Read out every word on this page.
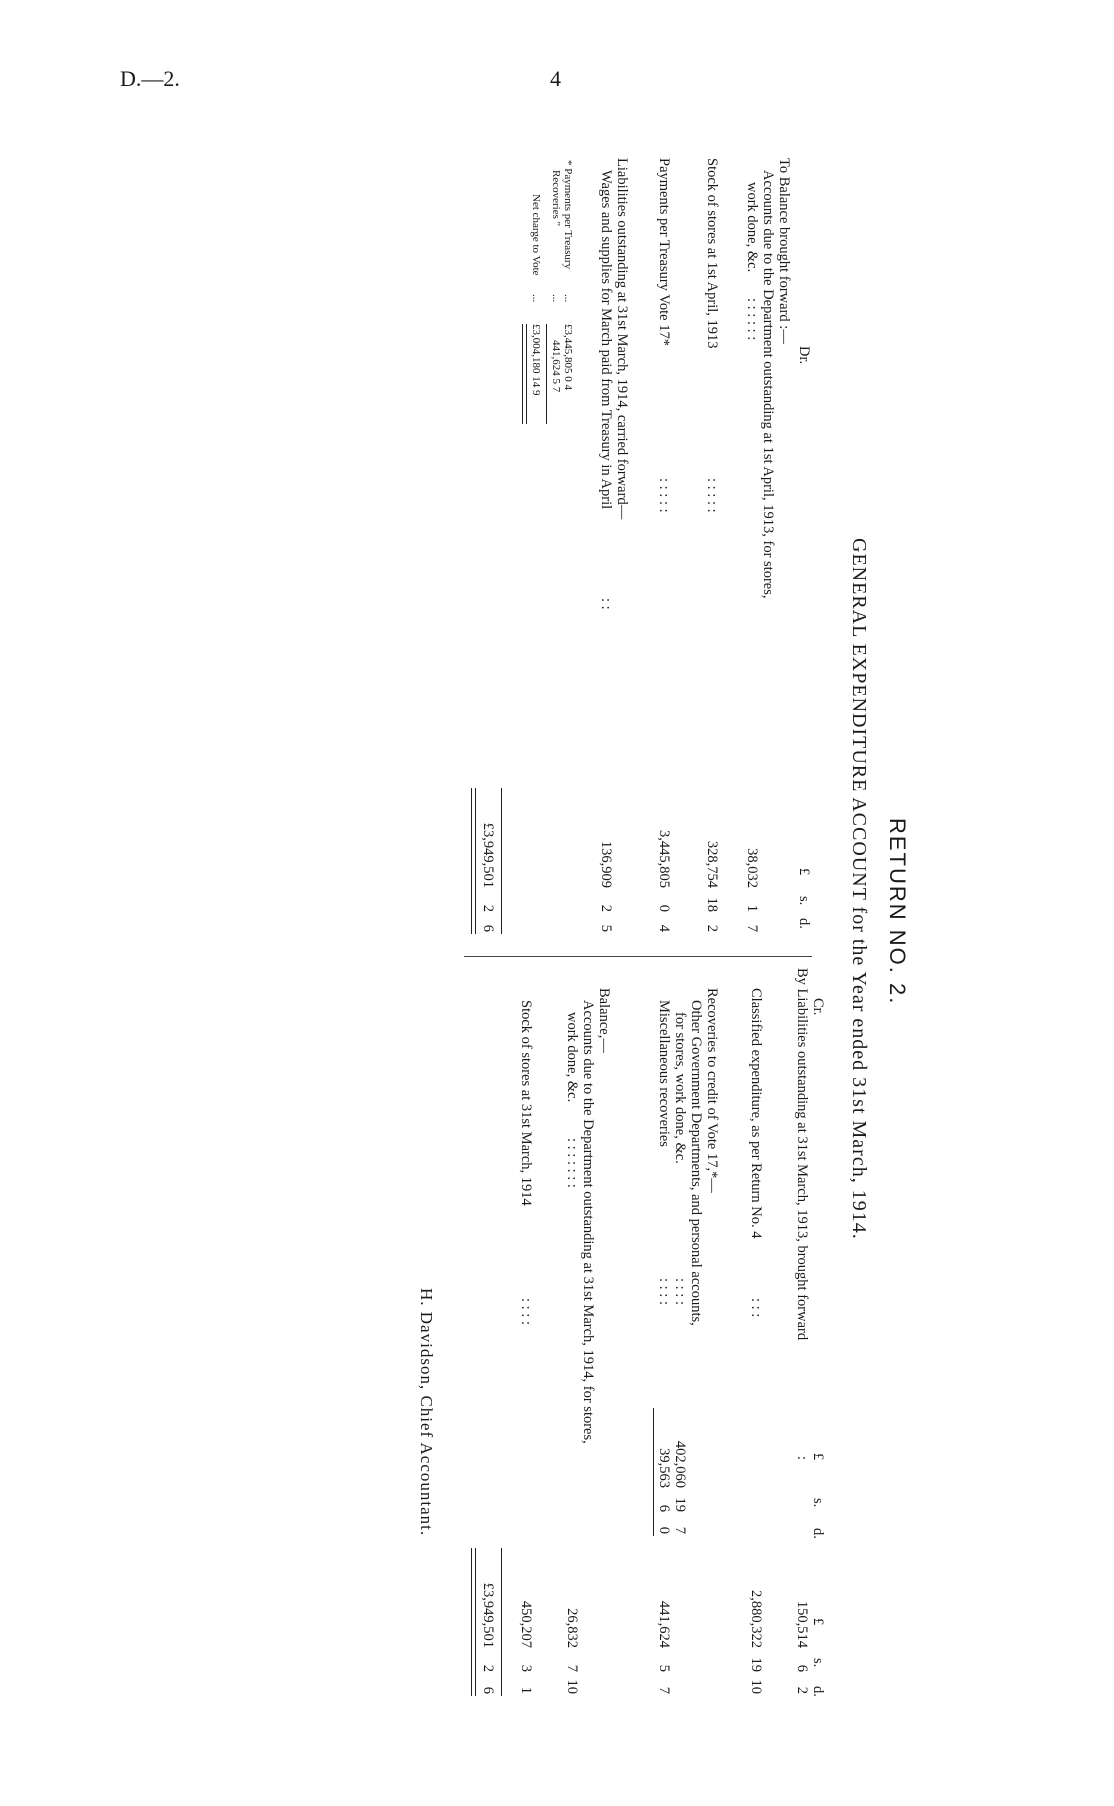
D.—2.	4
RETURN NO. 2.
GENERAL EXPENDITURE ACCOUNT for the Year ended 31st March, 1914.
Dr.
£
s.
d.
To Balance brought forward :—
Accounts due to the Department outstanding at 1st April, 1913, for stores,
work done, &c.
: : : : : :
38,032
1
7
Stock of stores at 1st April, 1913
: : : : :
328,754
18
2
Payments per Treasury Vote 17*
: : : : :
3,445,805
0
4
Liabilities outstanding at 31st March, 1914, carried forward—
Wages and supplies for March paid from Treasury in April
: :
136,909
2
5
£3,949,501
2
6
* Payments per Treasury
...
£3,445,805 0 4
Recoveries "
...
441,624 5 7
Net charge to Vote
...
£3,004,180 14 9
Cr.
£
s.
d.
£
s.
d.
By Liabilities outstanding at 31st March, 1913, brought forward
:
150,514
6
2
Classified expenditure, as per Return No. 4
: : :
2,880,322
19
10
Recoveries to credit of Vote 17,*—
Other Government Departments, and personal accounts,
for stores, work done, &c.
: : : :
402,060
19
7
Miscellaneous recoveries
: : : :
39,563
6
0
441,624
5
7
Balance,—
Accounts due to the Department outstanding at 31st March, 1914, for stores,
work done, &c.
: : : : : : :
26,832
7
10
Stock of stores at 31st March, 1914
: : : :
450,207
3
1
£3,949,501
2
6
H. Davidson, Chief Accountant.
